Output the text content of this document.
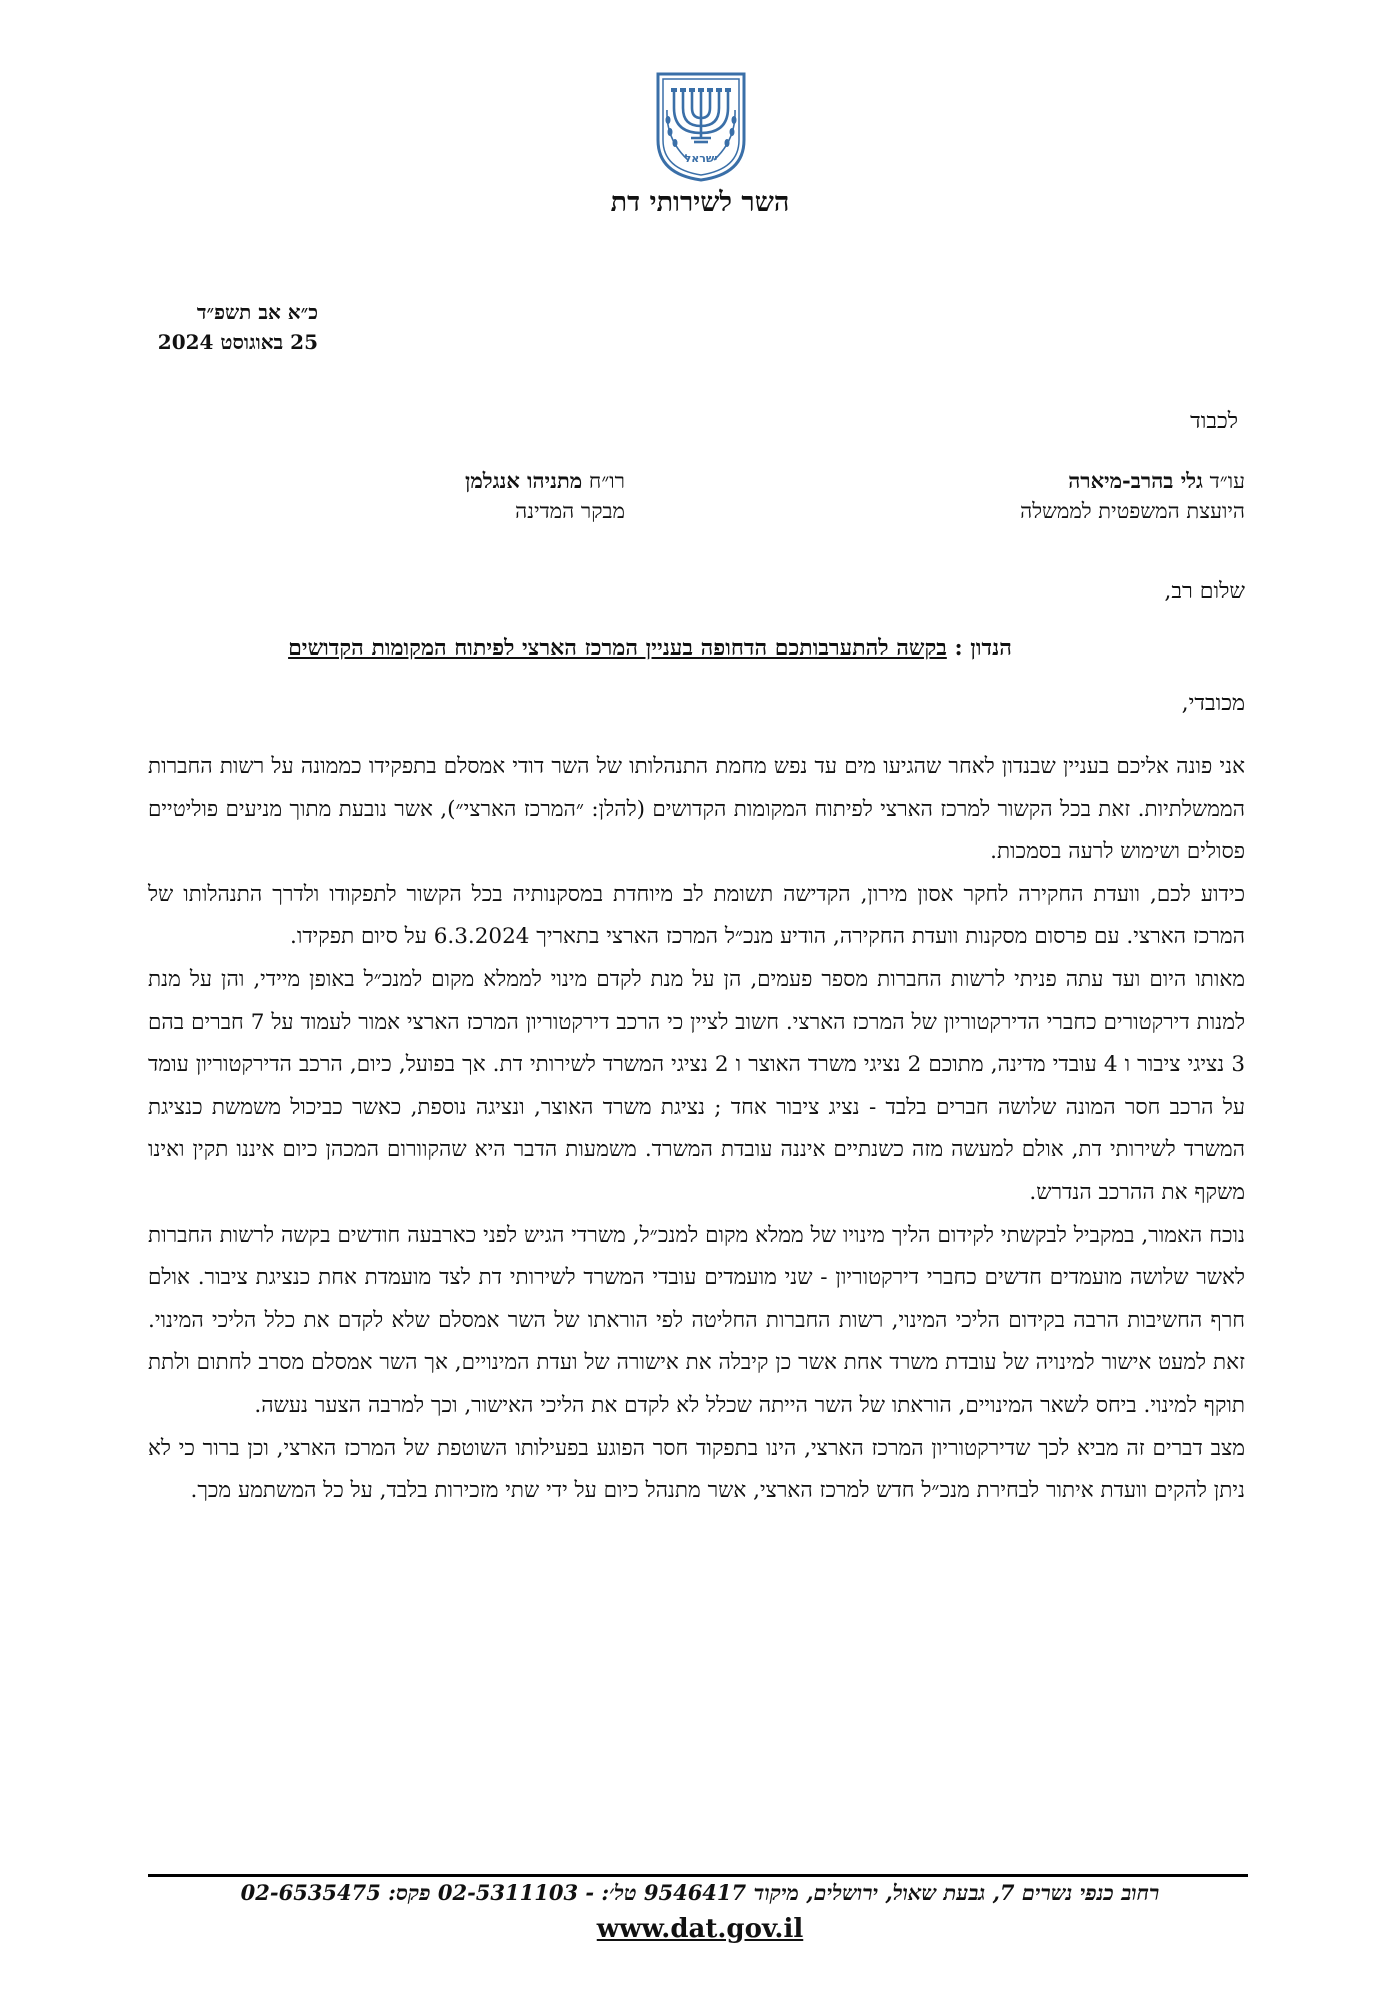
ישראל
השר לשירותי דת
כ״א אב תשפ״ד
25 באוגוסט 2024
לכבוד
עו״ד גלי בהרב-מיארה
היועצת המשפטית לממשלה
רו״ח מתניהו אנגלמן
מבקר המדינה
שלום רב,
הנדון : בקשה להתערבותכם הדחופה בעניין המרכז הארצי לפיתוח המקומות הקדושים
מכובדי,

אני פונה אליכם בעניין שבנדון לאחר שהגיעו מים עד נפש מחמת התנהלותו של השר דודי אמסלם בתפקידו כממונה על רשות החברות הממשלתיות. זאת בכל הקשור למרכז הארצי לפיתוח המקומות הקדושים (להלן: ״המרכז הארצי״), אשר נובעת מתוך מניעים פוליטיים פסולים ושימוש לרעה בסמכות.

כידוע לכם, וועדת החקירה לחקר אסון מירון, הקדישה תשומת לב מיוחדת במסקנותיה בכל הקשור לתפקודו ולדרך התנהלותו של המרכז הארצי. עם פרסום מסקנות וועדת החקירה, הודיע מנכ״ל המרכז הארצי בתאריך 6.3.2024 על סיום תפקידו.

מאותו היום ועד עתה פניתי לרשות החברות מספר פעמים, הן על מנת לקדם מינוי לממלא מקום למנכ״ל באופן מיידי, והן על מנת למנות דירקטורים כחברי הדירקטוריון של המרכז הארצי. חשוב לציין כי הרכב דירקטוריון המרכז הארצי אמור לעמוד על 7 חברים בהם 3 נציגי ציבור ו 4 עובדי מדינה, מתוכם 2 נציגי משרד האוצר ו 2 נציגי המשרד לשירותי דת. אך בפועל, כיום, הרכב הדירקטוריון עומד על הרכב חסר המונה שלושה חברים בלבד - נציג ציבור אחד ; נציגת משרד האוצר, ונציגה נוספת, כאשר כביכול משמשת כנציגת המשרד לשירותי דת, אולם למעשה מזה כשנתיים איננה עובדת המשרד. משמעות הדבר היא שהקוורום המכהן כיום איננו תקין ואינו משקף את ההרכב הנדרש.

נוכח האמור, במקביל לבקשתי לקידום הליך מינויו של ממלא מקום למנכ״ל, משרדי הגיש לפני כארבעה חודשים בקשה לרשות החברות לאשר שלושה מועמדים חדשים כחברי דירקטוריון - שני מועמדים עובדי המשרד לשירותי דת לצד מועמדת אחת כנציגת ציבור. אולם חרף החשיבות הרבה בקידום הליכי המינוי, רשות החברות החליטה לפי הוראתו של השר אמסלם שלא לקדם את כלל הליכי המינוי. זאת למעט אישור למינויה של עובדת משרד אחת אשר כן קיבלה את אישורה של ועדת המינויים, אך השר אמסלם מסרב לחתום ולתת תוקף למינוי. ביחס לשאר המינויים, הוראתו של השר הייתה שכלל לא לקדם את הליכי האישור, וכך למרבה הצער נעשה.

מצב דברים זה מביא לכך שדירקטוריון המרכז הארצי, הינו בתפקוד חסר הפוגע בפעילותו השוטפת של המרכז הארצי, וכן ברור כי לא ניתן להקים וועדת איתור לבחירת מנכ״ל חדש למרכז הארצי, אשר מתנהל כיום על ידי שתי מזכירות בלבד, על כל המשתמע מכך.

רחוב כנפי נשרים 7, גבעת שאול, ירושלים, מיקוד 9546417 טל׳: - 02-5311103 פקס: 02-6535475
www.dat.gov.il
